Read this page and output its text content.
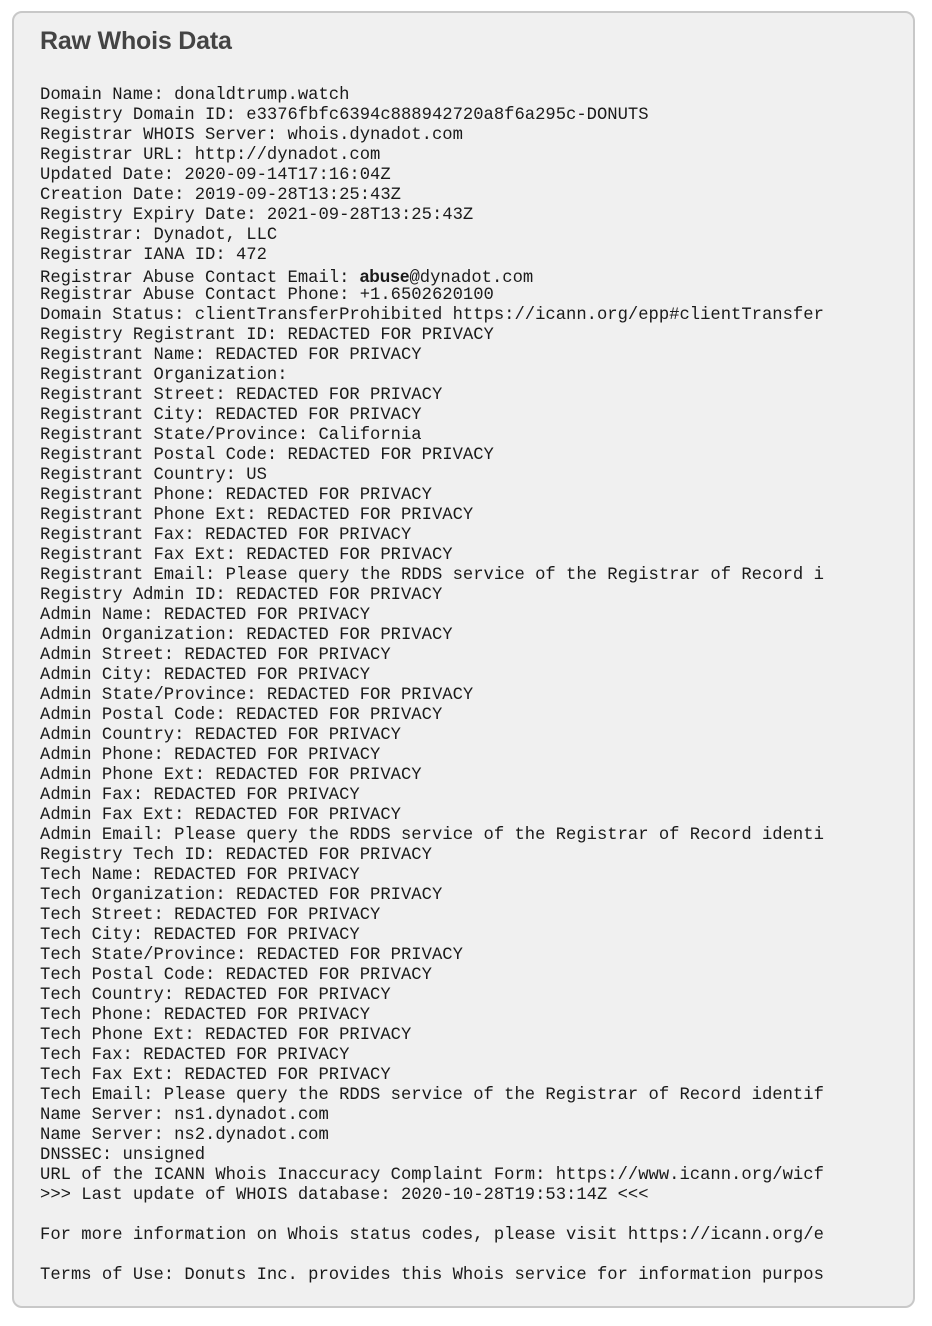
Raw Whois Data
Domain Name: donaldtrump.watch
Registry Domain ID: e3376fbfc6394c888942720a8f6a295c-DONUTS
Registrar WHOIS Server: whois.dynadot.com
Registrar URL: http://dynadot.com
Updated Date: 2020-09-14T17:16:04Z
Creation Date: 2019-09-28T13:25:43Z
Registry Expiry Date: 2021-09-28T13:25:43Z
Registrar: Dynadot, LLC
Registrar IANA ID: 472
Registrar Abuse Contact Email: abuse@dynadot.com
Registrar Abuse Contact Phone: +1.6502620100
Domain Status: clientTransferProhibited https://icann.org/epp#clientTransfer
Registry Registrant ID: REDACTED FOR PRIVACY
Registrant Name: REDACTED FOR PRIVACY
Registrant Organization:
Registrant Street: REDACTED FOR PRIVACY
Registrant City: REDACTED FOR PRIVACY
Registrant State/Province: California
Registrant Postal Code: REDACTED FOR PRIVACY
Registrant Country: US
Registrant Phone: REDACTED FOR PRIVACY
Registrant Phone Ext: REDACTED FOR PRIVACY
Registrant Fax: REDACTED FOR PRIVACY
Registrant Fax Ext: REDACTED FOR PRIVACY
Registrant Email: Please query the RDDS service of the Registrar of Record i
Registry Admin ID: REDACTED FOR PRIVACY
Admin Name: REDACTED FOR PRIVACY
Admin Organization: REDACTED FOR PRIVACY
Admin Street: REDACTED FOR PRIVACY
Admin City: REDACTED FOR PRIVACY
Admin State/Province: REDACTED FOR PRIVACY
Admin Postal Code: REDACTED FOR PRIVACY
Admin Country: REDACTED FOR PRIVACY
Admin Phone: REDACTED FOR PRIVACY
Admin Phone Ext: REDACTED FOR PRIVACY
Admin Fax: REDACTED FOR PRIVACY
Admin Fax Ext: REDACTED FOR PRIVACY
Admin Email: Please query the RDDS service of the Registrar of Record identi
Registry Tech ID: REDACTED FOR PRIVACY
Tech Name: REDACTED FOR PRIVACY
Tech Organization: REDACTED FOR PRIVACY
Tech Street: REDACTED FOR PRIVACY
Tech City: REDACTED FOR PRIVACY
Tech State/Province: REDACTED FOR PRIVACY
Tech Postal Code: REDACTED FOR PRIVACY
Tech Country: REDACTED FOR PRIVACY
Tech Phone: REDACTED FOR PRIVACY
Tech Phone Ext: REDACTED FOR PRIVACY
Tech Fax: REDACTED FOR PRIVACY
Tech Fax Ext: REDACTED FOR PRIVACY
Tech Email: Please query the RDDS service of the Registrar of Record identif
Name Server: ns1.dynadot.com
Name Server: ns2.dynadot.com
DNSSEC: unsigned
URL of the ICANN Whois Inaccuracy Complaint Form: https://www.icann.org/wicf
>>> Last update of WHOIS database: 2020-10-28T19:53:14Z <<<
For more information on Whois status codes, please visit https://icann.org/e
Terms of Use: Donuts Inc. provides this Whois service for information purpos
